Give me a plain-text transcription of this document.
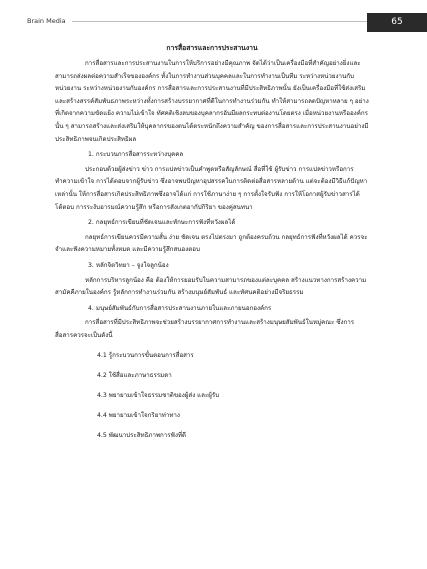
Brain Media	65
การสื่อสารและการประสานงาน

การสื่อสารและการประสานงานในการให้บริการอย่างมีคุณภาพ จัดได้ว่าเป็นเครื่องมือที่สำคัญอย่างยิ่งและสามารถส่งผลต่อความสำเร็จขององค์กร ทั้งในการทำงานส่วนบุคคลและในการทำงานเป็นทีม ระหว่างหน่วยงานกับหน่วยงาน ระหว่างหน่วยงานกับองค์กร การสื่อสารและการประสานงานที่มีประสิทธิภาพนั้น ยังเป็นเครื่องมือที่ใช้ส่งเสริมและสร้างสรรค์สัมพันธภาพระหว่างทั้งการสร้างบรรยากาศที่ดีในการทำงานร่วมกัน ทำให้สามารถลดปัญหาหลาย ๆ อย่างที่เกิดจากความขัดแย้ง ความไม่เข้าใจ ทัศคติเชิงลบของบุคลากรอันมีผลกระทบต่องานโดยตรง เมื่อหน่วยงานหรือองค์กรนั้น ๆ สามารถสร้างและส่งเสริมให้บุคลากรของตนได้ตระหนักถึงความสำคัญ ของการสื่อสารและการประสานงานอย่างมีประสิทธิภาพจนเกิดประสิทธิผล

1. กระบวนการสื่อสารระหว่างบุคคล

ประกอบด้วยผู้ส่งข่าว ข่าว การแปลข่าวเป็นคำพูดหรือสัญลักษณ์ สื่อที่ใช้ ผู้รับข่าว การแปลข่าวหรือการทำความเข้าใจ การได้ตอบจากผู้รับข่าว ซึ่งอาจพบปัญหาอุปสรรคในการติดต่อสื่อสารหลายด้าน แต่จะต้องมีวิธีแก้ปัญหาเหล่านั้น ให้การสื่อสารเกิดประสิทธิภาพซึ่งอาจได้แก่ การใช้ภาษาง่าย ๆ การตั้งใจรับฟัง การให้โอกาสผู้รับข่าวสารได้โต้ตอบ การระงับอารมณ์ความรู้สึก หรือการสังเกตอากัปกิริยา ของคู่สนทนา

2. กลยุทธ์การเขียนที่ชัดเจนและทักษะการฟังที่หวังผลได้

กลยุทธ์การเขียนควรมีความสั้น ง่าย ชัดเจน ตรงไปตรงมา ถูกต้องครบถ้วน กลยุทธ์การฟังที่หวังผลได้ ควรจะจำและฟังความหมายทั้งหมด และมีความรู้สึกสนองตอบ

3. หลักจิตวิทยา – จูงใจลูกน้อง

หลักการบริหารลูกน้อง คือ ต้องให้การยอมรับในความสามารถของแต่ละบุคคล สร้างแนวทางการสร้างความสามัคคีภายในองค์กร รู้หลักการทำงานร่วมกัน สร้างมนุษย์สัมพันธ์ และทัศนคติอย่างมีจริยธรรม

4. มนุษย์สัมพันธ์กับการสื่อสารประสานงานภายในและภายนอกองค์กร

การสื่อสารที่มีประสิทธิภาพจะช่วยสร้างบรรยากาศการทำงานและสร้างมนุษยสัมพันธ์ในหมู่คณะ ซึ่งการสื่อสารควรจะเป็นดังนี้

4.1 รู้กระบวนการขั้นตอนการสื่อสาร
4.2 ใช้สื่อและภาษาธรรมดา
4.3 พยายามเข้าใจธรรมชาติของผู้ส่ง และผู้รับ
4.4 พยายามเข้าใจกริยาท่าทาง
4.5 พัฒนาประสิทธิภาพการฟังที่ดี
